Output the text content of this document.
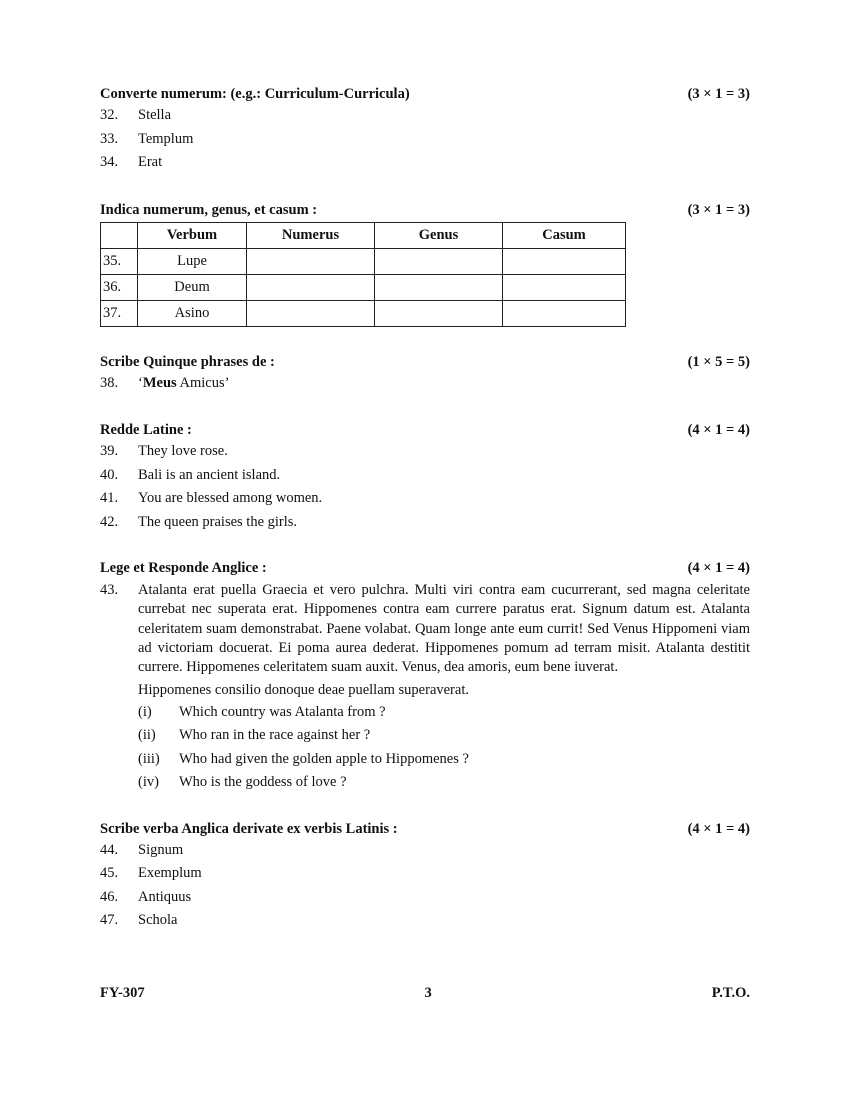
Converte numerum: (e.g.: Curriculum-Curricula)	(3 × 1 = 3)
32.	Stella
33.	Templum
34.	Erat
Indica numerum, genus, et casum :	(3 × 1 = 3)
	Verbum	Numerus	Genus	Casum
35.	Lupe			
36.	Deum			
37.	Asino			
Scribe Quinque phrases de :	(1 × 5 = 5)
38.	‘Meus Amicus’
Redde Latine :	(4 × 1 = 4)
39.	They love rose.
40.	Bali is an ancient island.
41.	You are blessed among women.
42.	The queen praises the girls.
Lege et Responde Anglice :	(4 × 1 = 4)
43. Atalanta erat puella Graecia et vero pulchra. Multi viri contra eam cucurrerant, sed magna celeritate currebat nec superata erat. Hippomenes contra eam currere paratus erat. Signum datum est. Atalanta celeritatem suam demonstrabat. Paene volabat. Quam longe ante eum currit! Sed Venus Hippomeni viam ad victoriam docuerat. Ei poma aurea dederat. Hippomenes pomum ad terram misit. Atalanta destitit currere. Hippomenes celeritatem suam auxit. Venus, dea amoris, eum bene iuverat.
Hippomenes consilio donoque deae puellam superaverat.
(i)	Which country was Atalanta from ?
(ii)	Who ran in the race against her ?
(iii)	Who had given the golden apple to Hippomenes ?
(iv)	Who is the goddess of love ?
Scribe verba Anglica derivate ex verbis Latinis :	(4 × 1 = 4)
44.	Signum
45.	Exemplum
46.	Antiquus
47.	Schola
FY-307	3	P.T.O.
